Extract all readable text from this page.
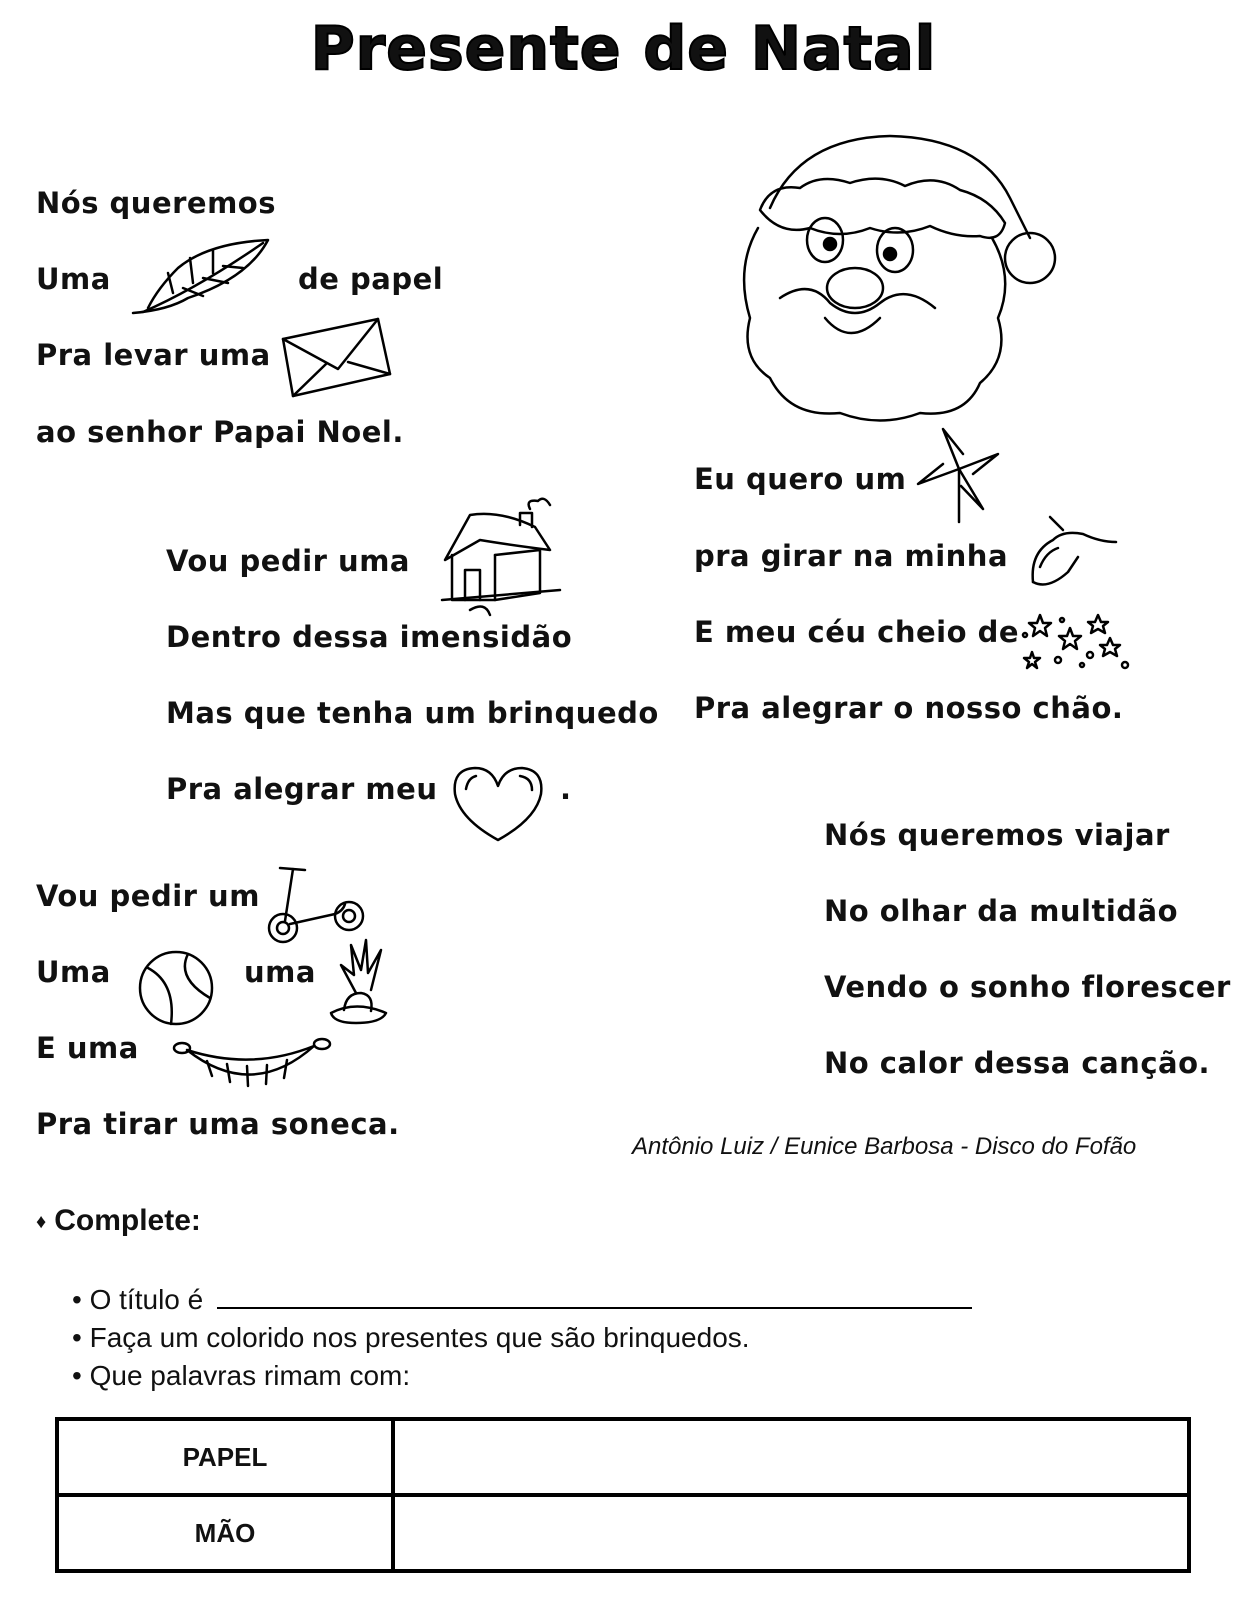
Presente de Natal
Nós queremos
Uma	de papel
Pra levar uma
ao senhor Papai Noel.
Vou pedir uma
Dentro dessa imensidão
Mas que tenha um brinquedo
Pra alegrar meu	.
Vou pedir um
Uma	uma
E uma
Pra tirar uma soneca.
Eu quero um
pra girar na minha
E meu céu cheio de
Pra alegrar o nosso chão.
Nós queremos viajar
No olhar da multidão
Vendo o sonho florescer
No calor dessa canção.
Antônio Luiz / Eunice Barbosa - Disco do Fofão
♦ Complete:
• O título é
• Faça um colorido nos presentes que são brinquedos.
• Que palavras rimam com:
PAPEL	
MÃO	
